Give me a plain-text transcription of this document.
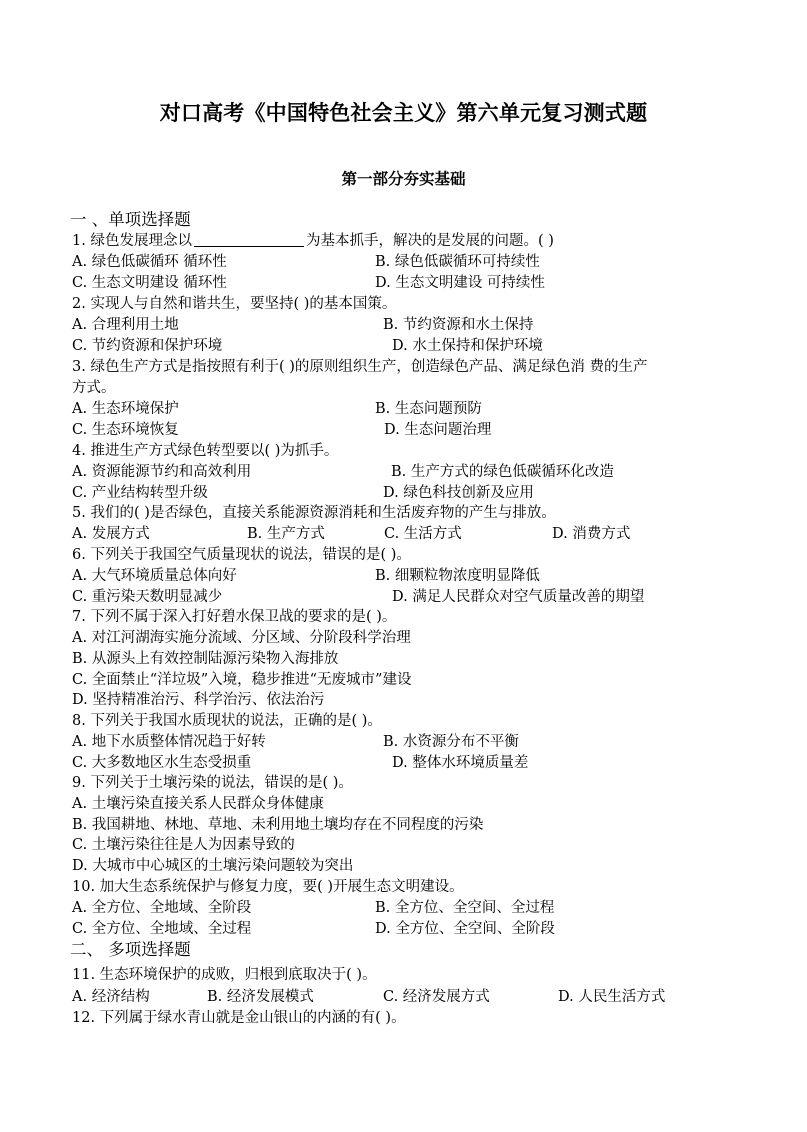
对口高考《中国特色社会主义》第六单元复习测式题
第一部分夯实基础
一 、单项选择题
1. 绿色发展理念以	为基本抓手，解决的是发展的问题。( )
A. 绿色低碳循环 循环性	B. 绿色低碳循环可持续性
C. 生态文明建设 循环性	D. 生态文明建设 可持续性
2. 实现人与自然和谐共生，要坚持( )的基本国策。
A. 合理利用土地	B. 节约资源和水土保持
C. 节约资源和保护环境	D. 水土保持和保护环境
3. 绿色生产方式是指按照有利于( )的原则组织生产，创造绿色产品、满足绿色消 费的生产
方式。
A. 生态环境保护	B. 生态问题预防
C. 生态环境恢复	D. 生态问题治理
4. 推进生产方式绿色转型要以( )为抓手。
A. 资源能源节约和高效利用	B. 生产方式的绿色低碳循环化改造
C. 产业结构转型升级	D. 绿色科技创新及应用
5. 我们的( )是否绿色，直接关系能源资源消耗和生活废弃物的产生与排放。
A. 发展方式	B. 生产方式	C. 生活方式	D. 消费方式
6. 下列关于我国空气质量现状的说法，错误的是( )。
A. 大气环境质量总体向好	B. 细颗粒物浓度明显降低
C. 重污染天数明显减少	D. 满足人民群众对空气质量改善的期望
7. 下列不属于深入打好碧水保卫战的要求的是( )。
A. 对江河湖海实施分流域、分区域、分阶段科学治理
B. 从源头上有效控制陆源污染物入海排放
C. 全面禁止“洋垃圾”入境，稳步推进“无废城市”建设
D. 坚持精准治污、科学治污、依法治污
8. 下列关于我国水质现状的说法，正确的是( )。
A. 地下水质整体情况趋于好转	B. 水资源分布不平衡
C. 大多数地区水生态受损重	D. 整体水环境质量差
9. 下列关于土壤污染的说法，错误的是( )。
A. 土壤污染直接关系人民群众身体健康
B. 我国耕地、林地、草地、未利用地土壤均存在不同程度的污染
C. 土壤污染往往是人为因素导致的
D. 大城市中心城区的土壤污染问题较为突出
10. 加大生态系统保护与修复力度，要( )开展生态文明建设。
A. 全方位、全地域、全阶段	B. 全方位、全空间、全过程
C. 全方位、全地域、全过程	D. 全方位、全空间、全阶段
二、 多项选择题
11. 生态环境保护的成败，归根到底取决于( )。
A. 经济结构	B. 经济发展模式	C. 经济发展方式	D. 人民生活方式
12. 下列属于绿水青山就是金山银山的内涵的有( )。
